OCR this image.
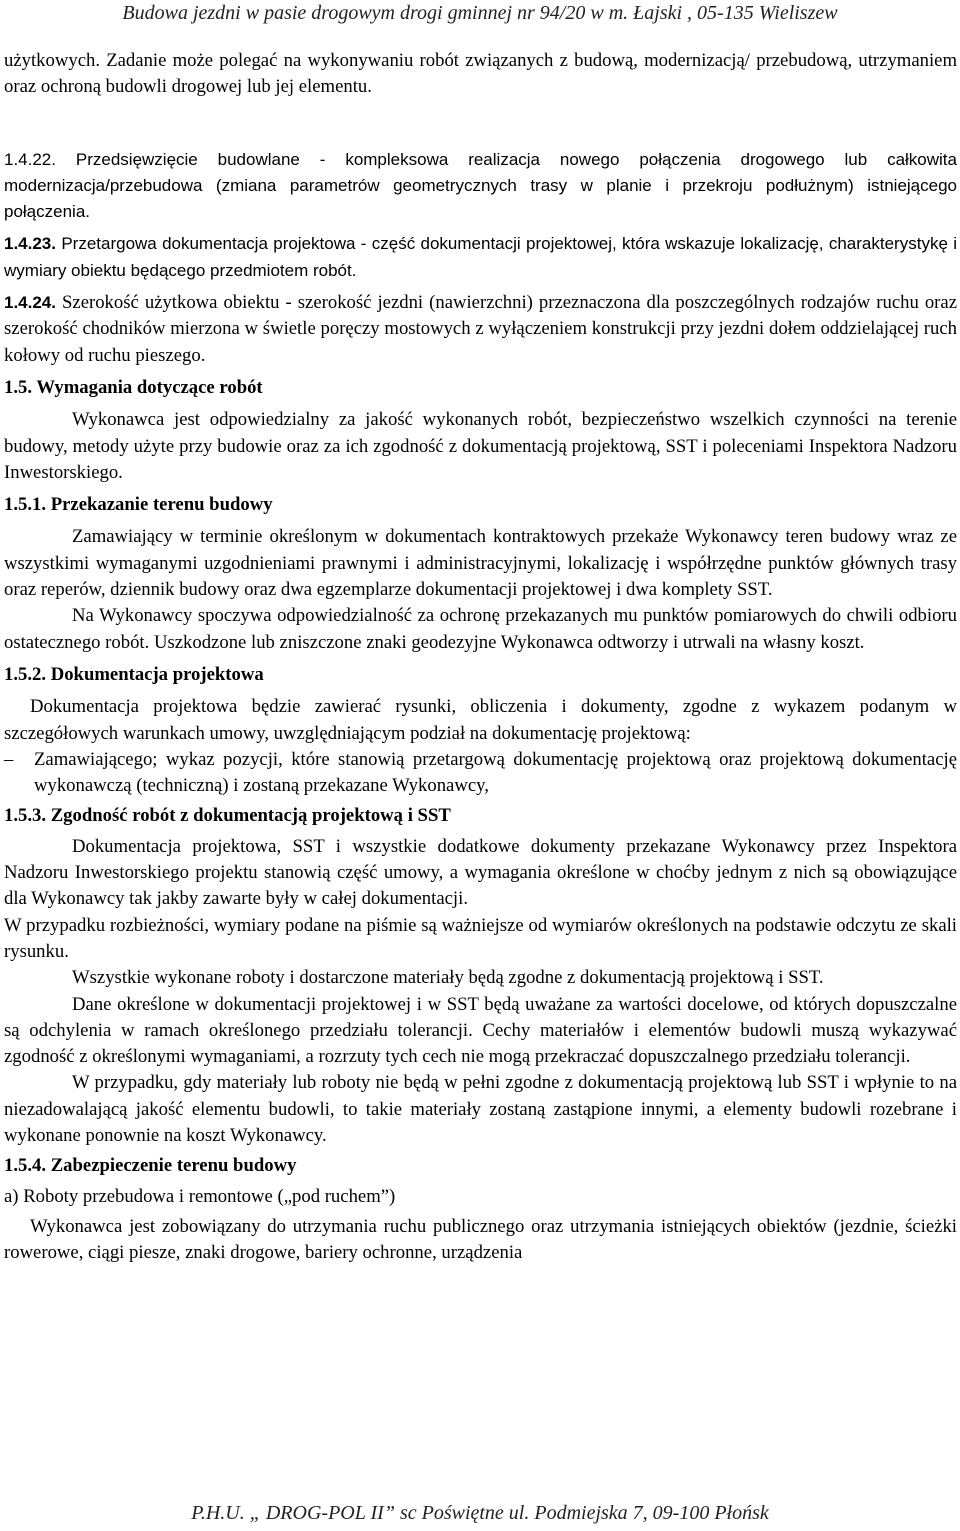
Budowa jezdni w pasie drogowym drogi gminnej nr 94/20 w m. Łajski , 05-135 Wieliszew

użytkowych. Zadanie może polegać na wykonywaniu robót związanych z budową, modernizacją/ przebudową, utrzymaniem oraz ochroną budowli drogowej lub jej elementu.

1.4.22. Przedsięwzięcie budowlane - kompleksowa realizacja nowego połączenia drogowego lub całkowita modernizacja/przebudowa (zmiana parametrów geometrycznych trasy w planie i przekroju podłużnym) istniejącego połączenia.

1.4.23. Przetargowa dokumentacja projektowa - część dokumentacji projektowej, która wskazuje lokalizację, charakterystykę i wymiary obiektu będącego przedmiotem robót.

1.4.24. Szerokość użytkowa obiektu - szerokość jezdni (nawierzchni) przeznaczona dla poszczególnych rodzajów ruchu oraz szerokość chodników mierzona w świetle poręczy mostowych z wyłączeniem konstrukcji przy jezdni dołem oddzielającej ruch kołowy od ruchu pieszego.

1.5. Wymagania dotyczące robót

Wykonawca jest odpowiedzialny za jakość wykonanych robót, bezpieczeństwo wszelkich czynności na terenie budowy, metody użyte przy budowie oraz za ich zgodność z dokumentacją projektową, SST i poleceniami Inspektora Nadzoru Inwestorskiego.

1.5.1. Przekazanie terenu budowy

Zamawiający w terminie określonym w dokumentach kontraktowych przekaże Wykonawcy teren budowy wraz ze wszystkimi wymaganymi uzgodnieniami prawnymi i administracyjnymi, lokalizację i współrzędne punktów głównych trasy oraz reperów, dziennik budowy oraz dwa egzemplarze dokumentacji projektowej i dwa komplety SST.

Na Wykonawcy spoczywa odpowiedzialność za ochronę przekazanych mu punktów pomiarowych do chwili odbioru ostatecznego robót. Uszkodzone lub zniszczone znaki geodezyjne Wykonawca odtworzy i utrwali na własny koszt.

1.5.2. Dokumentacja projektowa

Dokumentacja projektowa będzie zawierać rysunki, obliczenia i dokumenty, zgodne z wykazem podanym w szczegółowych warunkach umowy, uwzględniającym podział na dokumentację projektową:

–	Zamawiającego; wykaz pozycji, które stanowią przetargową dokumentację projektową oraz projektową dokumentację wykonawczą (techniczną) i zostaną przekazane Wykonawcy,

1.5.3. Zgodność robót z dokumentacją projektową i SST

Dokumentacja projektowa, SST i wszystkie dodatkowe dokumenty przekazane Wykonawcy przez Inspektora Nadzoru Inwestorskiego projektu stanowią część umowy, a wymagania określone w choćby jednym z nich są obowiązujące dla Wykonawcy tak jakby zawarte były w całej dokumentacji.

W przypadku rozbieżności, wymiary podane na piśmie są ważniejsze od wymiarów określonych na podstawie odczytu ze skali rysunku.

Wszystkie wykonane roboty i dostarczone materiały będą zgodne z dokumentacją projektową i SST.

Dane określone w dokumentacji projektowej i w SST będą uważane za wartości docelowe, od których dopuszczalne są odchylenia w ramach określonego przedziału tolerancji. Cechy materiałów i elementów budowli muszą wykazywać zgodność z określonymi wymaganiami, a rozrzuty tych cech nie mogą przekraczać dopuszczalnego przedziału tolerancji.

W przypadku, gdy materiały lub roboty nie będą w pełni zgodne z dokumentacją projektową lub SST i wpłynie to na niezadowalającą jakość elementu budowli, to takie materiały zostaną zastąpione innymi, a elementy budowli rozebrane i wykonane ponownie na koszt Wykonawcy.

1.5.4. Zabezpieczenie terenu budowy

a) Roboty przebudowa i remontowe („pod ruchem”)

Wykonawca jest zobowiązany do utrzymania ruchu publicznego oraz utrzymania istniejących obiektów (jezdnie, ścieżki rowerowe, ciągi piesze, znaki drogowe, bariery ochronne, urządzenia

P.H.U. „ DROG-POL II” sc Poświętne ul. Podmiejska 7, 09-100 Płońsk
